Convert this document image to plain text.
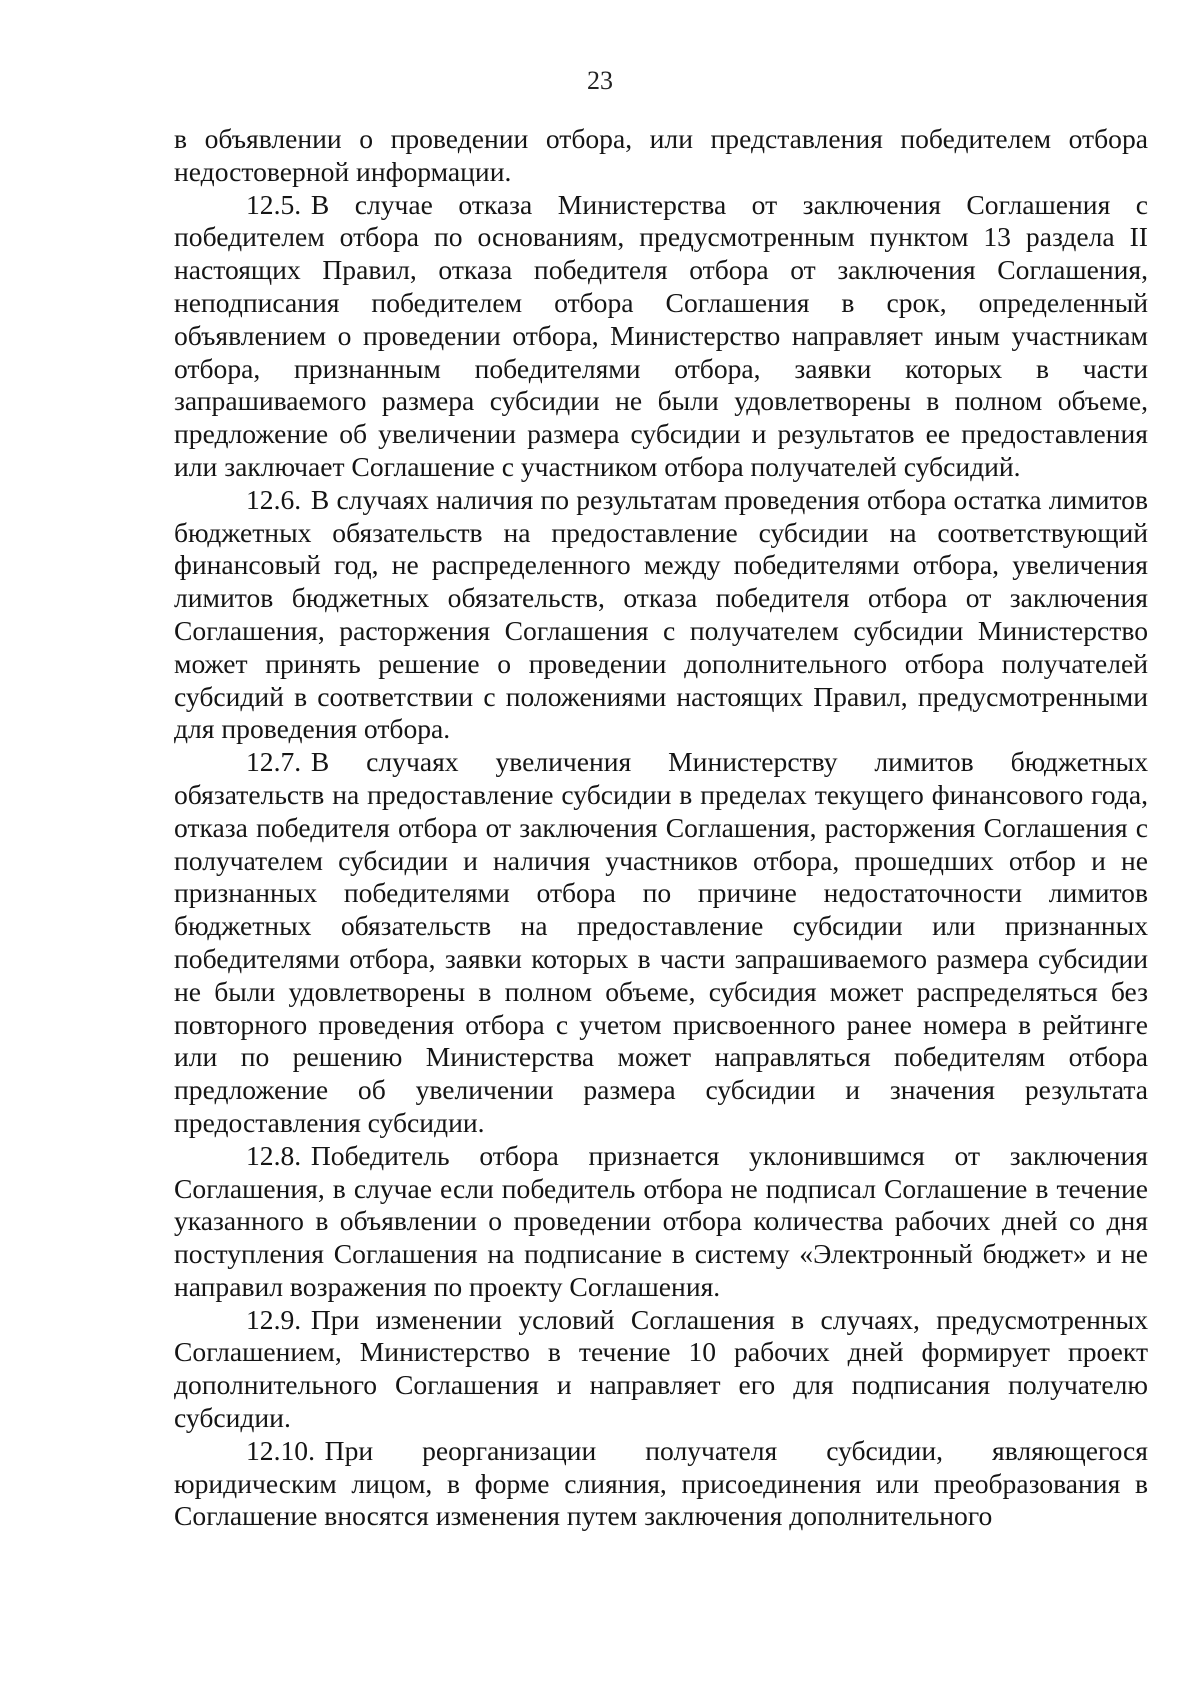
23

в объявлении о проведении отбора, или представления победителем отбора недостоверной информации.

12.5. В случае отказа Министерства от заключения Соглашения с победителем отбора по основаниям, предусмотренным пунктом 13 раздела II настоящих Правил, отказа победителя отбора от заключения Соглашения, неподписания победителем отбора Соглашения в срок, определенный объявлением о проведении отбора, Министерство направляет иным участникам отбора, признанным победителями отбора, заявки которых в части запрашиваемого размера субсидии не были удовлетворены в полном объеме, предложение об увеличении размера субсидии и результатов ее предоставления или заключает Соглашение с участником отбора получателей субсидий.

12.6. В случаях наличия по результатам проведения отбора остатка лимитов бюджетных обязательств на предоставление субсидии на соответствующий финансовый год, не распределенного между победителями отбора, увеличения лимитов бюджетных обязательств, отказа победителя отбора от заключения Соглашения, расторжения Соглашения с получателем субсидии Министерство может принять решение о проведении дополнительного отбора получателей субсидий в соответствии с положениями настоящих Правил, предусмотренными для проведения отбора.

12.7. В случаях увеличения Министерству лимитов бюджетных обязательств на предоставление субсидии в пределах текущего финансового года, отказа победителя отбора от заключения Соглашения, расторжения Соглашения с получателем субсидии и наличия участников отбора, прошедших отбор и не признанных победителями отбора по причине недостаточности лимитов бюджетных обязательств на предоставление субсидии или признанных победителями отбора, заявки которых в части запрашиваемого размера субсидии не были удовлетворены в полном объеме, субсидия может распределяться без повторного проведения отбора с учетом присвоенного ранее номера в рейтинге или по решению Министерства может направляться победителям отбора предложение об увеличении размера субсидии и значения результата предоставления субсидии.

12.8. Победитель отбора признается уклонившимся от заключения Соглашения, в случае если победитель отбора не подписал Соглашение в течение указанного в объявлении о проведении отбора количества рабочих дней со дня поступления Соглашения на подписание в систему «Электронный бюджет» и не направил возражения по проекту Соглашения.

12.9. При изменении условий Соглашения в случаях, предусмотренных Соглашением, Министерство в течение 10 рабочих дней формирует проект дополнительного Соглашения и направляет его для подписания получателю субсидии.

12.10. При реорганизации получателя субсидии, являющегося юридическим лицом, в форме слияния, присоединения или преобразования в Соглашение вносятся изменения путем заключения дополнительного
